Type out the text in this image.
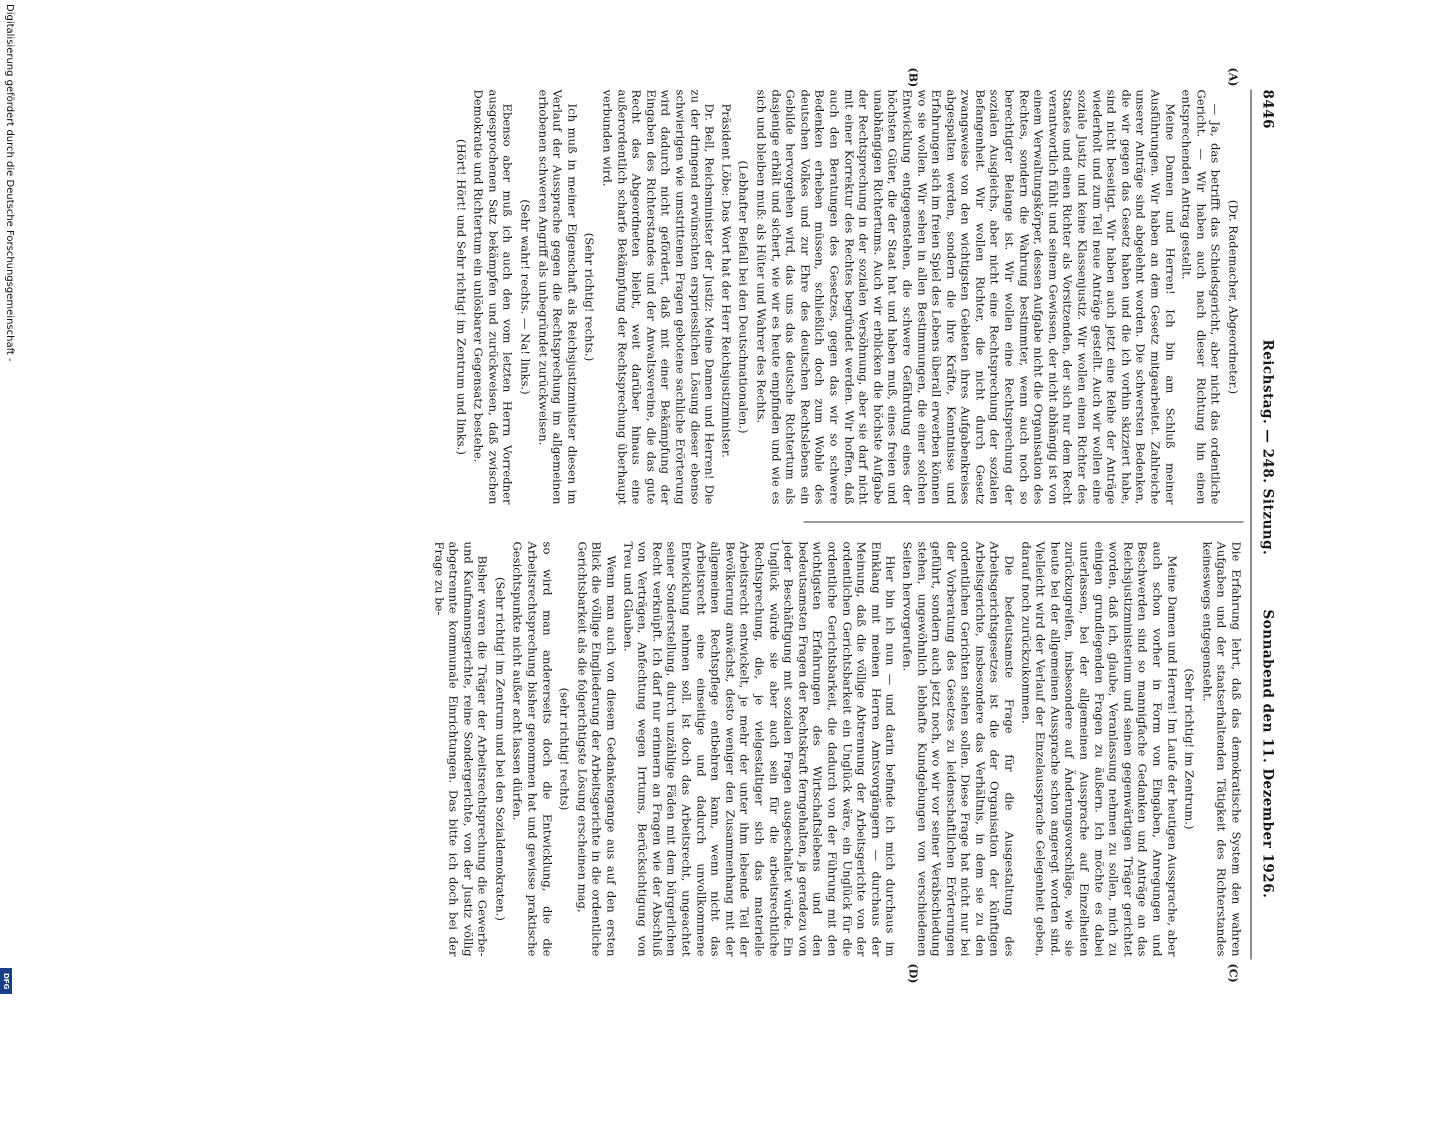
8446
Reichstag. — 248. Sitzung.
Sonnabend den 11. Dezember 1926.
(A)
(B)
(C)
(D)

(Dr. Rademacher, Abgeordneter.)

— Ja, das betrifft das Schiedsgericht, aber nicht das ordentliche Gericht. — Wir haben auch nach dieser Richtung hin einen entsprechenden Antrag gestellt.

Meine Damen und Herren! Ich bin am Schluß meiner Ausführungen. Wir haben an dem Gesetz mitgearbeitet. Zahlreiche unserer Anträge sind abgelehnt worden. Die schwersten Bedenken, die wir gegen das Gesetz haben und die ich vorhin skizziert habe, sind nicht beseitigt. Wir haben auch jetzt eine Reihe der Anträge wiederholt und zum Teil neue Anträge gestellt. Auch wir wollen eine soziale Justiz und keine Klassenjustiz. Wir wollen einen Richter des Staates und einen Richter als Vorsitzenden, der sich nur dem Recht verantwortlich fühlt und seinem Gewissen, der nicht abhängig ist von einem Verwaltungskörper, dessen Aufgabe nicht die Organisation des Rechtes, sondern die Wahrung bestimmter, wenn auch noch so berechtigter Belange ist. Wir wollen eine Rechtsprechung der sozialen Ausgleichs, aber nicht eine Rechtsprechung der sozialen Befangenheit. Wir wollen Richter, die nicht durch Gesetz zwangsweise von den wichtigsten Gebieten ihres Aufgabenkreises abgespalten werden, sondern die ihre Kräfte, Kenntnisse und Erfahrungen sich im freien Spiel des Lebens überall erwerben können wo sie wollen. Wir sehen in allen Bestimmungen, die einer solchen Entwicklung entgegenstehen, die schwere Gefährdung eines der höchsten Güter, die der Staat hat und haben muß, eines freien und unabhängigen Richtertums. Auch wir erblicken die höchste Aufgabe der Rechtsprechung in der sozialen Versöhnung, aber sie darf nicht mit einer Korrektur des Rechtes begründet werden. Wir hoffen, daß auch den Beratungen des Gesetzes, gegen das wir so schwere Bedenken erheben müssen, schließlich doch zum Wohle des deutschen Volkes und zur Ehre des deutschen Rechtslebens ein Gebilde hervorgehen wird, das uns das deutsche Richtertum als dasjenige erhält und sichert, wie wir es heute empfinden und wie es sich und bleiben muß: als Hüter und Wahrer des Rechts.

(Lebhafter Beifall bei den Deutschnationalen.)

Präsident Löbe: Das Wort hat der Herr Reichsjustizminister.

Dr. Bell, Reichsminister der Justiz: Meine Damen und Herren! Die zu der dringend erwünschten erspriesslichen Lösung dieser ebenso schwierigen wie umstrittenen Fragen gebotene sachliche Erörterung wird dadurch nicht gefördert, daß mit einer Bekämpfung der Eingaben des Richterstandes und der Anwaltsvereine, die das gute Recht des Abgeordneten bleibt, weit darüber hinaus eine außerordentlich scharfe Bekämpfung der Rechtsprechung überhaupt verbunden wird.

(Sehr richtig! rechts.)

Ich muß in meiner Eigenschaft als Reichsjustizminister diesen im Verlauf der Aussprache gegen die Rechtsprechung im allgemeinen erhobenen schweren Angriff als unbegründet zurückweisen.

(Sehr wahr! rechts. — Na! links.)

Ebenso aber muß ich auch den vom letzten Herrn Vorredner ausgesprochenen Satz bekämpfen und zurückweisen, daß zwischen Demokratie und Richtertum ein unlösbarer Gegensatz bestehe.

(Hört! Hört! und Sehr richtig! im Zentrum und links.)

Die Erfahrung lehrt, daß das demokratische System den wahren Aufgaben und der staatserhaltenden Tätigkeit des Richterstandes keineswegs entgegensteht.

(Sehr richtig! im Zentrum.)

Meine Damen und Herren! Im Laufe der heutigen Aussprache, aber auch schon vorher in Form von Eingaben, Anregungen und Beschwerden sind so mannigfache Gedanken und Anträge an das Reichsjustizministerium und seinen gegenwärtigen Träger gerichtet worden, daß ich, glaube, Veranlassung nehmen zu sollen, mich zu einigen grundlegenden Fragen zu äußern. Ich möchte es dabei unterlassen, bei der allgemeinen Aussprache auf Einzelheiten zurückzugreifen, insbesondere auf Änderungsvorschläge, wie sie heute bei der allgemeinen Aussprache schon angeregt worden sind. Vielleicht wird der Verlauf der Einzelaussprache Gelegenheit geben, darauf noch zurückzukommen.

Die bedeutsamste Frage für die Ausgestaltung des Arbeitsgerichtsgesetzes ist die der Organisation der künftigen Arbeitsgerichte, insbesondere das Verhältnis, in dem sie zu den ordentlichen Gerichten stehen sollen. Diese Frage hat nicht nur bei der Vorberatung des Gesetzes zu leidenschaftlichen Erörterungen geführt, sondern auch jetzt noch, wo wir vor seiner Verabschiedung stehen, ungewöhnlich lebhafte Kundgebungen von verschiedenen Seiten hervorgerufen.

Hier bin ich nun — und darin befinde ich mich durchaus im Einklang mit meinen Herren Amtsvorgängern — durchaus der Meinung, daß die völlige Abtrennung der Arbeitsgerichte von der ordentlichen Gerichtsbarkeit ein Unglück wäre, ein Unglück für die ordentliche Gerichtsbarkeit, die dadurch von der Führung mit den wichtigsten Erfahrungen des Wirtschaftslebens und den bedeutsamsten Fragen der Rechtskraft ferngehalten, ja geradezu von jeder Beschäftigung mit sozialen Fragen ausgeschaltet würde. Ein Unglück würde sie aber auch sein für die arbeitsrechtliche Rechtsprechung, die, je vielgestaltiger sich das materielle Arbeitsrecht entwickelt, je mehr der unter ihm lebende Teil der Bevölkerung anwächst, desto weniger den Zusammenhang mit der allgemeinen Rechtspflege entbehren kann, wenn nicht das Arbeitsrecht eine einseitige und dadurch unvollkommene Entwicklung nehmen soll. Ist doch das Arbeitsrecht, ungeachtet seiner Sonderstellung, durch unzählige Fäden mit dem bürgerlichen Recht verknüpft. Ich darf nur erinnern an Fragen wie der Abschluß von Verträgen, Anfechtung wegen Irrtums, Berücksichtigung von Treu und Glauben.

Wenn man auch von diesem Gedankengange aus auf den ersten Blick die völlige Eingliederung der Arbeitsgerichte in die ordentliche Gerichtsbarkeit als die folgerichtigste Lösung erscheinen mag,

(sehr richtig! rechts)

so wird man andererseits doch die Entwicklung, die die Arbeitsrechtsprechung bisher genommen hat und gewisse praktische Gesichtspunkte nicht außer acht lassen dürfen.

(Sehr richtig! im Zentrum und bei den Sozialdemokraten.)

Bisher waren die Träger der Arbeitsrechtsprechung die Gewerbe- und Kaufmannsgerichte, reine Sondergerichte, von der Justiz völlig abgetrennte kommunale Einrichtungen. Das bitte ich doch bei der Frage zu be-

Digitalisierung gefördert durch die Deutsche Forschungsgemeinschaft -
DFG
